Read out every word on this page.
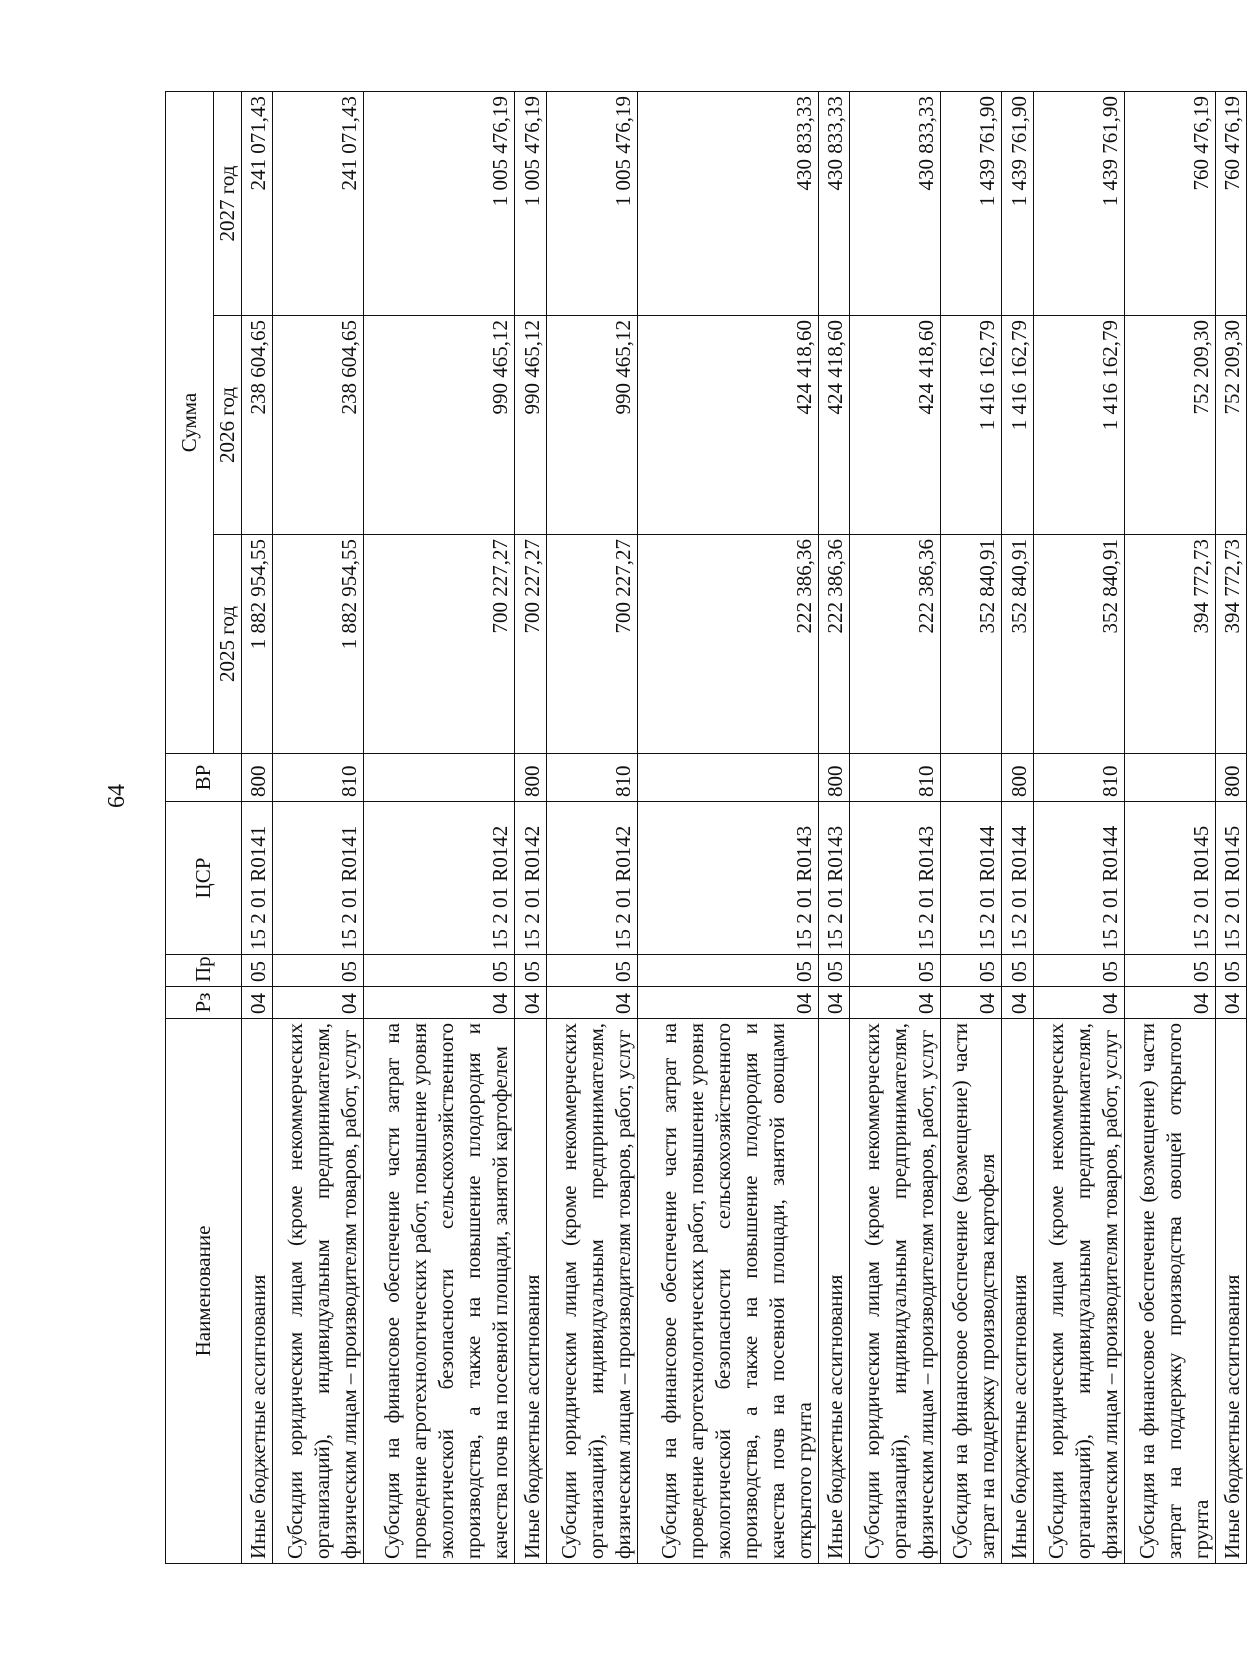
64
Наименование	Рз	Пр	ЦСР	ВР	Сумма		
					2025 год	2026 год	2027 год
Иные бюджетные ассигнования	04	05	15 2 01 R0141	800	1 882 954,55	238 604,65	241 071,43
Субсидии юридическим лицам (кроме некоммерческих организаций), индивидуальным предпринимателям, физическим лицам – производителям товаров, работ, услуг	04	05	15 2 01 R0141	810	1 882 954,55	238 604,65	241 071,43
Субсидия на финансовое обеспечение части затрат на проведение агротехнологических работ, повышение уровня экологической безопасности сельскохозяйственного производства, а также на повышение плодородия и качества почв на посевной площади, занятой картофелем	04	05	15 2 01 R0142		700 227,27	990 465,12	1 005 476,19
Иные бюджетные ассигнования	04	05	15 2 01 R0142	800	700 227,27	990 465,12	1 005 476,19
Субсидии юридическим лицам (кроме некоммерческих организаций), индивидуальным предпринимателям, физическим лицам – производителям товаров, работ, услуг	04	05	15 2 01 R0142	810	700 227,27	990 465,12	1 005 476,19
Субсидия на финансовое обеспечение части затрат на проведение агротехнологических работ, повышение уровня экологической безопасности сельскохозяйственного производства, а также на повышение плодородия и качества почв на посевной площади, занятой овощами открытого грунта	04	05	15 2 01 R0143		222 386,36	424 418,60	430 833,33
Иные бюджетные ассигнования	04	05	15 2 01 R0143	800	222 386,36	424 418,60	430 833,33
Субсидии юридическим лицам (кроме некоммерческих организаций), индивидуальным предпринимателям, физическим лицам – производителям товаров, работ, услуг	04	05	15 2 01 R0143	810	222 386,36	424 418,60	430 833,33
Субсидия на финансовое обеспечение (возмещение) части затрат на поддержку производства картофеля	04	05	15 2 01 R0144		352 840,91	1 416 162,79	1 439 761,90
Иные бюджетные ассигнования	04	05	15 2 01 R0144	800	352 840,91	1 416 162,79	1 439 761,90
Субсидии юридическим лицам (кроме некоммерческих организаций), индивидуальным предпринимателям, физическим лицам – производителям товаров, работ, услуг	04	05	15 2 01 R0144	810	352 840,91	1 416 162,79	1 439 761,90
Субсидия на финансовое обеспечение (возмещение) части затрат на поддержку производства овощей открытого грунта	04	05	15 2 01 R0145		394 772,73	752 209,30	760 476,19
Иные бюджетные ассигнования	04	05	15 2 01 R0145	800	394 772,73	752 209,30	760 476,19
